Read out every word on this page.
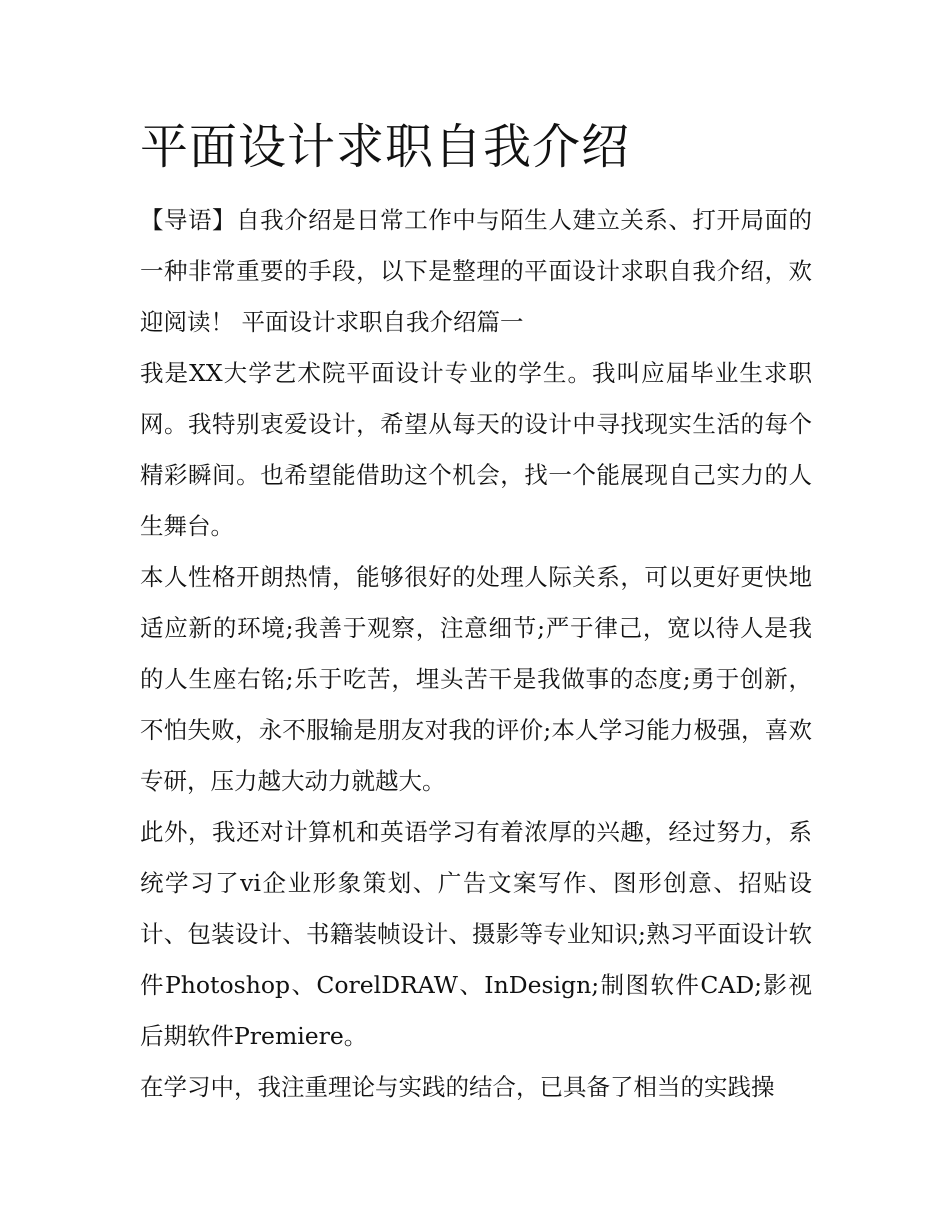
平面设计求职自我介绍

【导语】自我介绍是日常工作中与陌生人建立关系、打开局面的一种非常重要的手段，以下是整理的平面设计求职自我介绍，欢迎阅读！ 平面设计求职自我介绍篇一

我是XX大学艺术院平面设计专业的学生。我叫应届毕业生求职网。我特别衷爱设计，希望从每天的设计中寻找现实生活的每个精彩瞬间。也希望能借助这个机会，找一个能展现自己实力的人生舞台。

本人性格开朗热情，能够很好的处理人际关系，可以更好更快地适应新的环境;我善于观察，注意细节;严于律己，宽以待人是我的人生座右铭;乐于吃苦，埋头苦干是我做事的态度;勇于创新，不怕失败，永不服输是朋友对我的评价;本人学习能力极强，喜欢专研，压力越大动力就越大。

此外，我还对计算机和英语学习有着浓厚的兴趣，经过努力，系统学习了vi企业形象策划、广告文案写作、图形创意、招贴设计、包装设计、书籍装帧设计、摄影等专业知识;熟习平面设计软件Photoshop、CorelDRAW、InDesign;制图软件CAD;影视后期软件Premiere。

在学习中，我注重理论与实践的结合，已具备了相当的实践操
